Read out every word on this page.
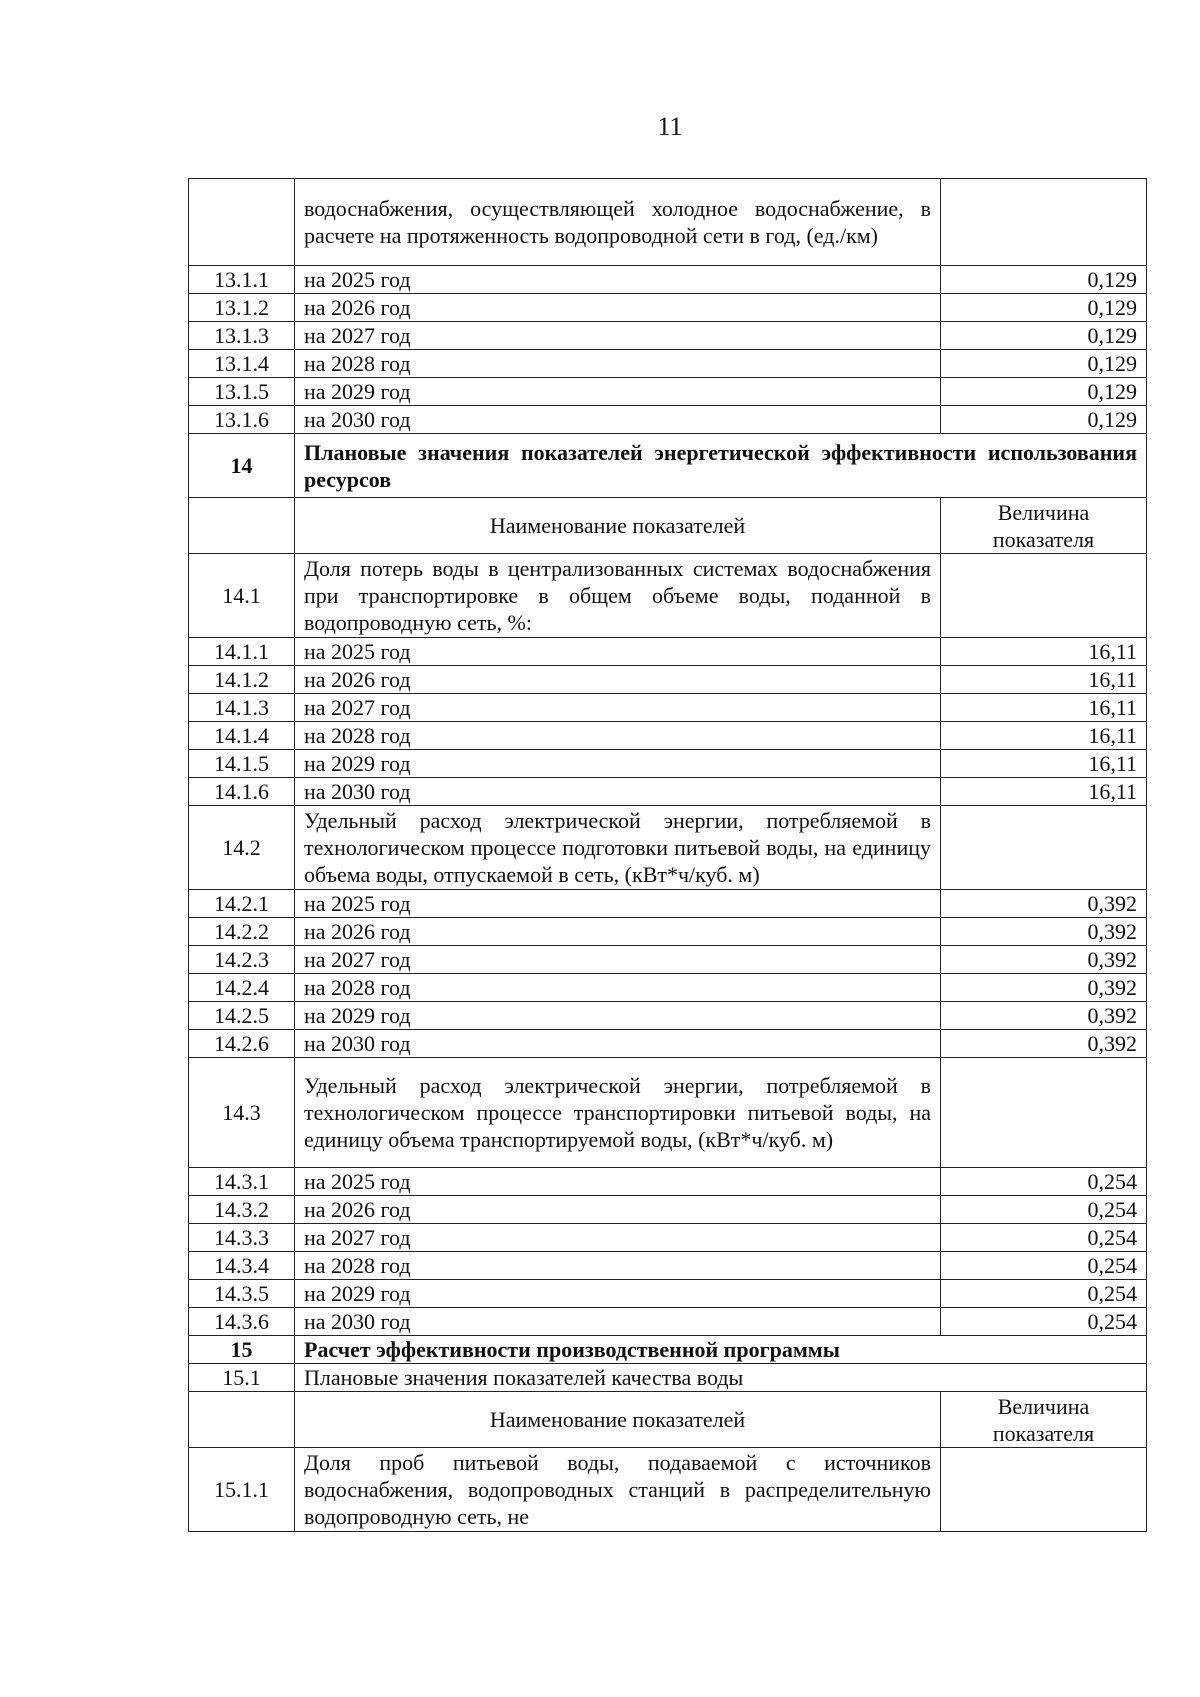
11
	водоснабжения, осуществляющей холодное водоснабжение, в расчете на протяженность водопроводной сети в год, (ед./км)	
13.1.1	на 2025 год	0,129
13.1.2	на 2026 год	0,129
13.1.3	на 2027 год	0,129
13.1.4	на 2028 год	0,129
13.1.5	на 2029 год	0,129
13.1.6	на 2030 год	0,129
14	Плановые значения показателей энергетической эффективности использования ресурсов	
	Наименование показателей	Величина показателя
14.1	Доля потерь воды в централизованных системах водоснабжения при транспортировке в общем объеме воды, поданной в водопроводную сеть, %:	
14.1.1	на 2025 год	16,11
14.1.2	на 2026 год	16,11
14.1.3	на 2027 год	16,11
14.1.4	на 2028 год	16,11
14.1.5	на 2029 год	16,11
14.1.6	на 2030 год	16,11
14.2	Удельный расход электрической энергии, потребляемой в технологическом процессе подготовки питьевой воды, на единицу объема воды, отпускаемой в сеть, (кВт*ч/куб. м)	
14.2.1	на 2025 год	0,392
14.2.2	на 2026 год	0,392
14.2.3	на 2027 год	0,392
14.2.4	на 2028 год	0,392
14.2.5	на 2029 год	0,392
14.2.6	на 2030 год	0,392
14.3	Удельный расход электрической энергии, потребляемой в технологическом процессе транспортировки питьевой воды, на единицу объема транспортируемой воды, (кВт*ч/куб. м)	
14.3.1	на 2025 год	0,254
14.3.2	на 2026 год	0,254
14.3.3	на 2027 год	0,254
14.3.4	на 2028 год	0,254
14.3.5	на 2029 год	0,254
14.3.6	на 2030 год	0,254
15	Расчет эффективности производственной программы	
15.1	Плановые значения показателей качества воды	
	Наименование показателей	Величина показателя
15.1.1	Доля проб питьевой воды, подаваемой с источников водоснабжения, водопроводных станций в распределительную водопроводную сеть, не	
